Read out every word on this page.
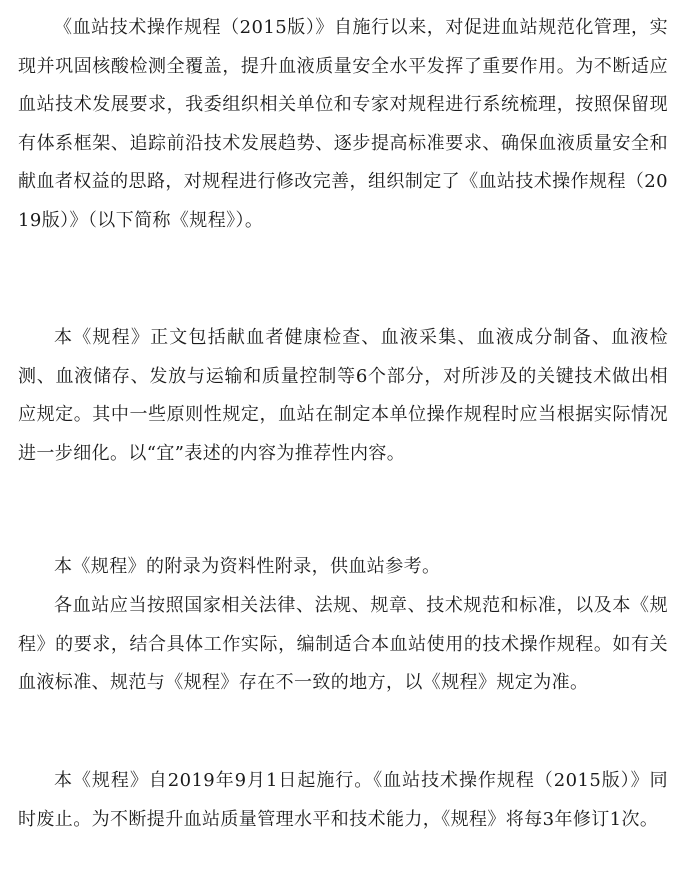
《血站技术操作规程（2015版）》自施行以来，对促进血站规范化管理，实现并巩固核酸检测全覆盖，提升血液质量安全水平发挥了重要作用。为不断适应血站技术发展要求，我委组织相关单位和专家对规程进行系统梳理，按照保留现有体系框架、追踪前沿技术发展趋势、逐步提高标准要求、确保血液质量安全和献血者权益的思路，对规程进行修改完善，组织制定了《血站技术操作规程（2019版）》（以下简称《规程》）。

本《规程》正文包括献血者健康检查、血液采集、血液成分制备、血液检测、血液储存、发放与运输和质量控制等6个部分，对所涉及的关键技术做出相应规定。其中一些原则性规定，血站在制定本单位操作规程时应当根据实际情况进一步细化。以“宜”表述的内容为推荐性内容。

本《规程》的附录为资料性附录，供血站参考。

各血站应当按照国家相关法律、法规、规章、技术规范和标准，以及本《规程》的要求，结合具体工作实际，编制适合本血站使用的技术操作规程。如有关血液标准、规范与《规程》存在不一致的地方，以《规程》规定为准。

本《规程》自2019年9月1日起施行。《血站技术操作规程（2015版）》同时废止。为不断提升血站质量管理水平和技术能力，《规程》将每3年修订1次。
